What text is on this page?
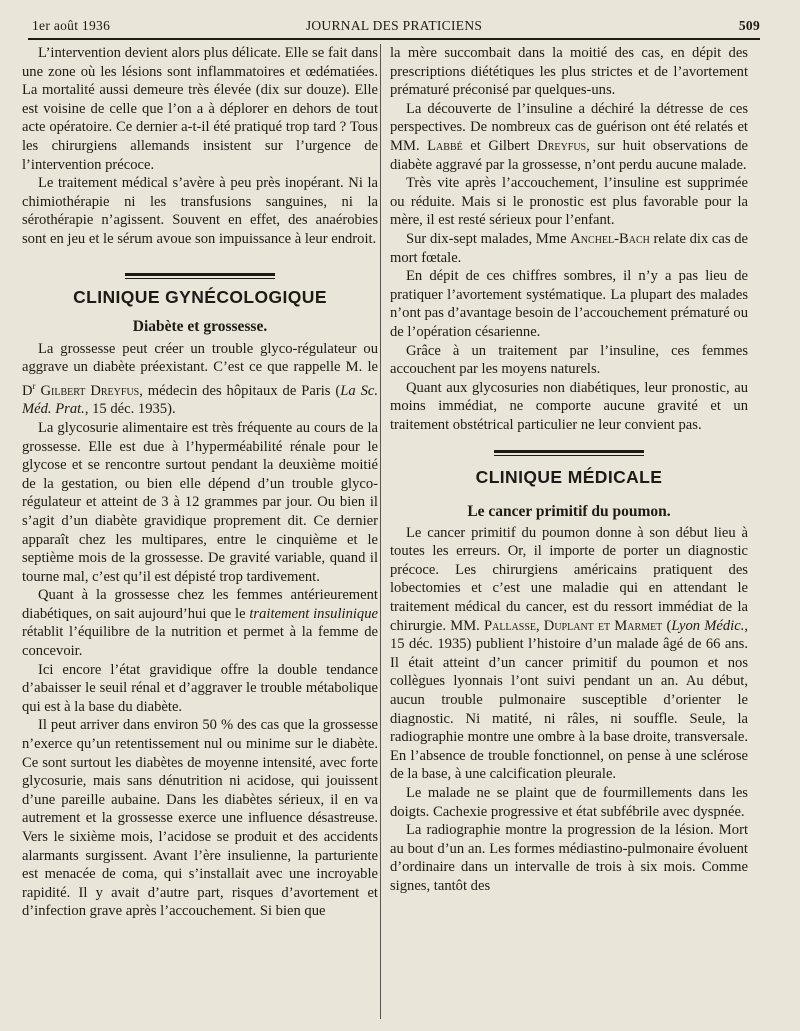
1er août 1936	JOURNAL DES PRATICIENS	509

L’intervention devient alors plus délicate. Elle se fait dans une zone où les lésions sont inflammatoires et œdématiées. La mortalité aussi demeure très élevée (dix sur douze). Elle est voisine de celle que l’on a à déplorer en dehors de tout acte opératoire. Ce dernier a-t-il été pratiqué trop tard ? Tous les chirurgiens allemands insistent sur l’urgence de l’intervention précoce.

Le traitement médical s’avère à peu près inopérant. Ni la chimiothérapie ni les transfusions sanguines, ni la sérothérapie n’agissent. Souvent en effet, des anaérobies sont en jeu et le sérum avoue son impuissance à leur endroit.

CLINIQUE GYNÉCOLOGIQUE
Diabète et grossesse.

La grossesse peut créer un trouble glyco-régulateur ou aggrave un diabète préexistant. C’est ce que rappelle M. le $D^r$ Gilbert Dreyfus, médecin des hôpitaux de Paris (La Sc. Méd. Prat., 15 déc. 1935).

La glycosurie alimentaire est très fréquente au cours de la grossesse. Elle est due à l’hyperméabilité rénale pour le glycose et se rencontre surtout pendant la deuxième moitié de la gestation, ou bien elle dépend d’un trouble glyco-régulateur et atteint de 3 à 12 grammes par jour. Ou bien il s’agit d’un diabète gravidique proprement dit. Ce dernier apparaît chez les multipares, entre le cinquième et le septième mois de la grossesse. De gravité variable, quand il tourne mal, c’est qu’il est dépisté trop tardivement.

Quant à la grossesse chez les femmes antérieurement diabétiques, on sait aujourd’hui que le traitement insulinique rétablit l’équilibre de la nutrition et permet à la femme de concevoir.

Ici encore l’état gravidique offre la double tendance d’abaisser le seuil rénal et d’aggraver le trouble métabolique qui est à la base du diabète.

Il peut arriver dans environ 50 % des cas que la grossesse n’exerce qu’un retentissement nul ou minime sur le diabète. Ce sont surtout les diabètes de moyenne intensité, avec forte glycosurie, mais sans dénutrition ni acidose, qui jouissent d’une pareille aubaine. Dans les diabètes sérieux, il en va autrement et la grossesse exerce une influence désastreuse. Vers le sixième mois, l’acidose se produit et des accidents alarmants surgissent. Avant l’ère insulienne, la parturiente est menacée de coma, qui s’installait avec une incroyable rapidité. Il y avait d’autre part, risques d’avortement et d’infection grave après l’accouchement. Si bien que

la mère succombait dans la moitié des cas, en dépit des prescriptions diététiques les plus strictes et de l’avortement prématuré préconisé par quelques-uns.

La découverte de l’insuline a déchiré la détresse de ces perspectives. De nombreux cas de guérison ont été relatés et MM. Labbé et Gilbert Dreyfus, sur huit observations de diabète aggravé par la grossesse, n’ont perdu aucune malade.

Très vite après l’accouchement, l’insuline est supprimée ou réduite. Mais si le pronostic est plus favorable pour la mère, il est resté sérieux pour l’enfant.

Sur dix-sept malades, Mme Anchel-Bach relate dix cas de mort fœtale.

En dépit de ces chiffres sombres, il n’y a pas lieu de pratiquer l’avortement systématique. La plupart des malades n’ont pas d’avantage besoin de l’accouchement prématuré ou de l’opération césarienne.

Grâce à un traitement par l’insuline, ces femmes accouchent par les moyens naturels.

Quant aux glycosuries non diabétiques, leur pronostic, au moins immédiat, ne comporte aucune gravité et un traitement obstétrical particulier ne leur convient pas.

CLINIQUE MÉDICALE
Le cancer primitif du poumon.

Le cancer primitif du poumon donne à son début lieu à toutes les erreurs. Or, il importe de porter un diagnostic précoce. Les chirurgiens américains pratiquent des lobectomies et c’est une maladie qui en attendant le traitement médical du cancer, est du ressort immédiat de la chirurgie. MM. Pallasse, Duplant et Marmet (Lyon Médic., 15 déc. 1935) publient l’histoire d’un malade âgé de 66 ans. Il était atteint d’un cancer primitif du poumon et nos collègues lyonnais l’ont suivi pendant un an. Au début, aucun trouble pulmonaire susceptible d’orienter le diagnostic. Ni matité, ni râles, ni souffle. Seule, la radiographie montre une ombre à la base droite, transversale. En l’absence de trouble fonctionnel, on pense à une sclérose de la base, à une calcification pleurale.

Le malade ne se plaint que de fourmillements dans les doigts. Cachexie progressive et état subfébrile avec dyspnée.

La radiographie montre la progression de la lésion. Mort au bout d’un an. Les formes médiastino-pulmonaire évoluent d’ordinaire dans un intervalle de trois à six mois. Comme signes, tantôt des
